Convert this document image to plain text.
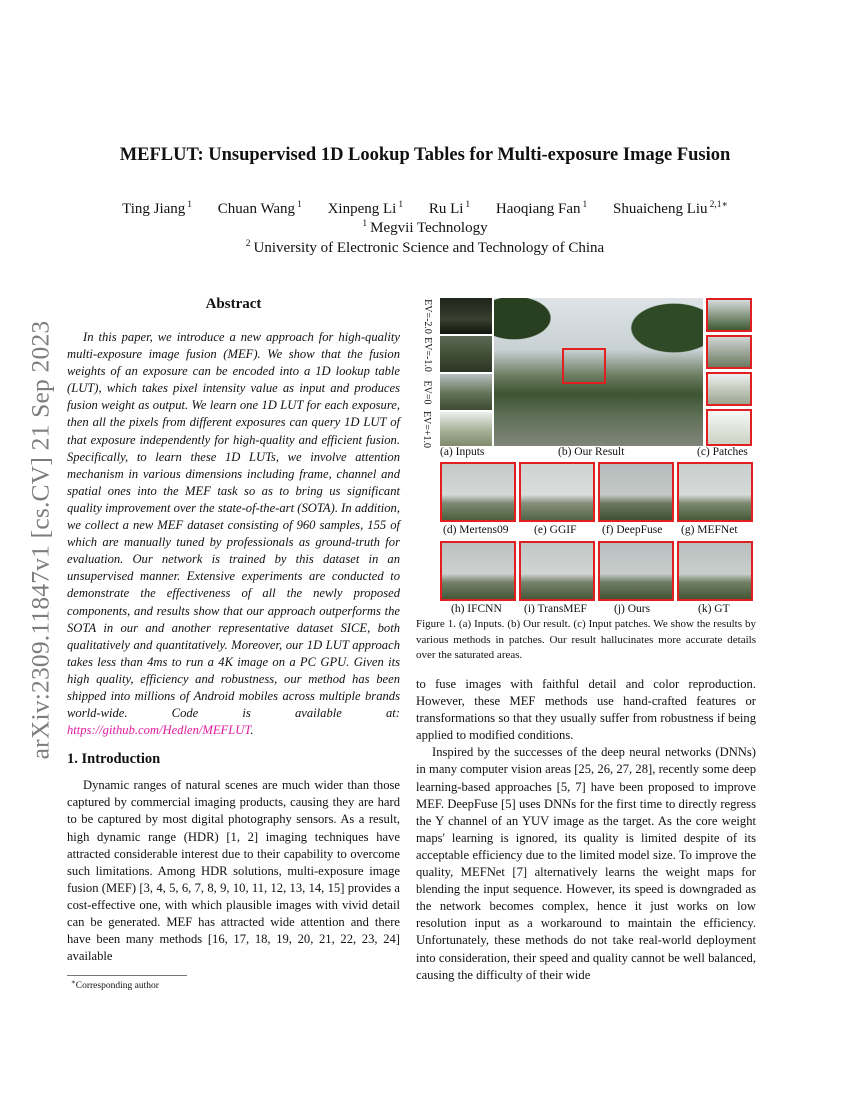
arXiv:2309.11847v1 [cs.CV] 21 Sep 2023
MEFLUT: Unsupervised 1D Lookup Tables for Multi-exposure Image Fusion
Ting Jiang $^1$ Chuan Wang $^1$ Xinpeng Li $^1$ Ru Li $^1$ Haoqiang Fan $^1$ Shuaicheng Liu $^{2,1∗}$
$^1$ Megvii Technology
$^2$ University of Electronic Science and Technology of China
Abstract

In this paper, we introduce a new approach for high-quality multi-exposure image fusion (MEF). We show that the fusion weights of an exposure can be encoded into a 1D lookup table (LUT), which takes pixel intensity value as input and produces fusion weight as output. We learn one 1D LUT for each exposure, then all the pixels from different exposures can query 1D LUT of that exposure independently for high-quality and efficient fusion. Specifically, to learn these 1D LUTs, we involve attention mechanism in various dimensions including frame, channel and spatial ones into the MEF task so as to bring us significant quality improvement over the state-of-the-art (SOTA). In addition, we collect a new MEF dataset consisting of 960 samples, 155 of which are manually tuned by professionals as ground-truth for evaluation. Our network is trained by this dataset in an unsupervised manner. Extensive experiments are conducted to demonstrate the effectiveness of all the newly proposed components, and results show that our approach outperforms the SOTA in our and another representative dataset SICE, both qualitatively and quantitatively. Moreover, our 1D LUT approach takes less than 4ms to run a 4K image on a PC GPU. Given its high quality, efficiency and robustness, our method has been shipped into millions of Android mobiles across multiple brands world-wide. Code is available at: https://github.com/Hedlen/MEFLUT.

1. Introduction

Dynamic ranges of natural scenes are much wider than those captured by commercial imaging products, causing they are hard to be captured by most digital photography sensors. As a result, high dynamic range (HDR) [1, 2] imaging techniques have attracted considerable interest due to their capability to overcome such limitations. Among HDR solutions, multi-exposure image fusion (MEF) [3, 4, 5, 6, 7, 8, 9, 10, 11, 12, 13, 14, 15] provides a cost-effective one, with which plausible images with vivid detail can be generated. MEF has attracted wide attention and there have been many methods [16, 17, 18, 19, 20, 21, 22, 23, 24] available

∗Corresponding author
EV=-2.0
EV=-1.0
EV=0
EV=+1.0
(a) Inputs	(b) Our Result	(c) Patches
(d) Mertens09 (e) GGIF (f) DeepFuse (g) MEFNet
(h) IFCNN (i) TransMEF (j) Ours	(k) GT

Figure 1. (a) Inputs. (b) Our result. (c) Input patches. We show the results by various methods in patches. Our result hallucinates more accurate details over the saturated areas.

to fuse images with faithful detail and color reproduction. However, these MEF methods use hand-crafted features or transformations so that they usually suffer from robustness if being applied to modified conditions.

Inspired by the successes of the deep neural networks (DNNs) in many computer vision areas [25, 26, 27, 28], recently some deep learning-based approaches [5, 7] have been proposed to improve MEF. DeepFuse [5] uses DNNs for the first time to directly regress the Y channel of an YUV image as the target. As the core weight maps' learning is ignored, its quality is limited despite of its acceptable efficiency due to the limited model size. To improve the quality, MEFNet [7] alternatively learns the weight maps for blending the input sequence. However, its speed is downgraded as the network becomes complex, hence it just works on low resolution input as a workaround to maintain the efficiency. Unfortunately, these methods do not take real-world deployment into consideration, their speed and quality cannot be well balanced, causing the difficulty of their wide
